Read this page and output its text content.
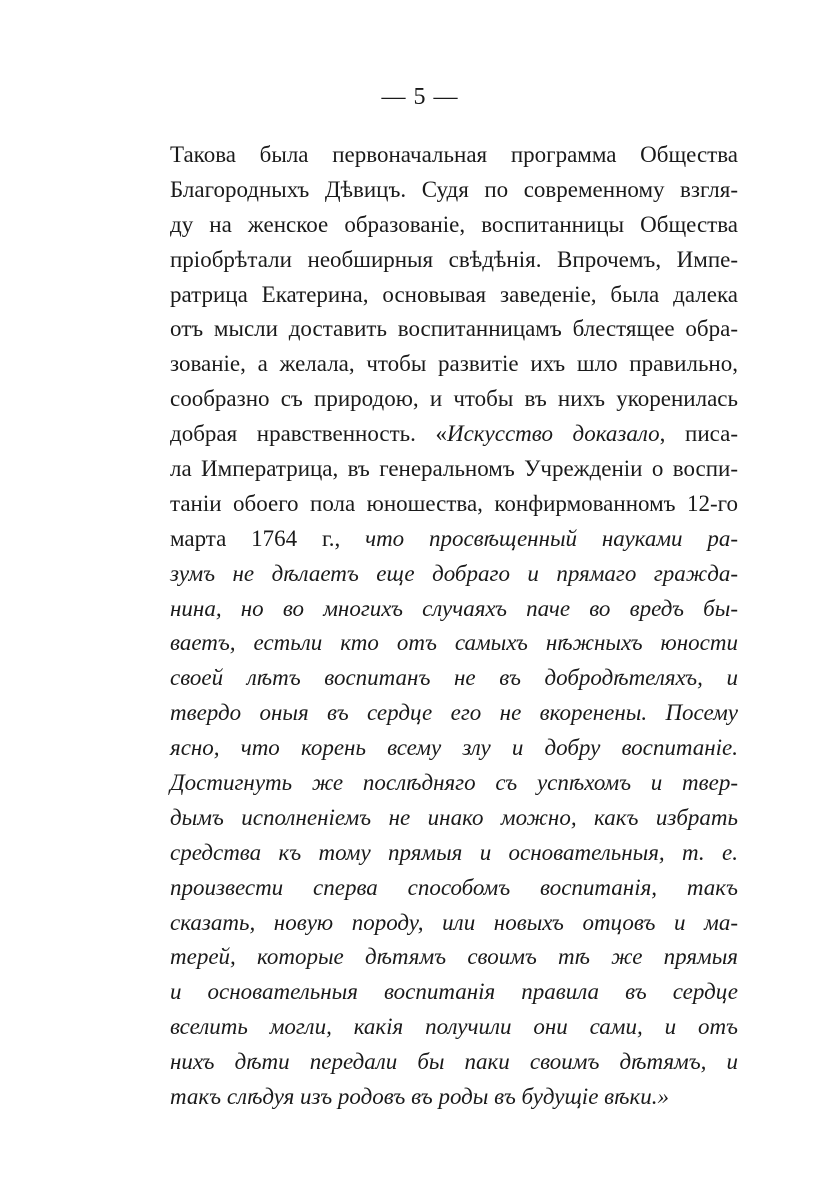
— 5 —
Такова была первоначальная программа Общества
Благородныхъ Дѣвицъ. Судя по современному взгля-
ду на женское образованіе, воспитанницы Общества
пріобрѣтали необширныя свѣдѣнія. Впрочемъ, Импе-
ратрица Екатерина, основывая заведеніе, была далека
отъ мысли доставить воспитанницамъ блестящее обра-
зованіе, а желала, чтобы развитіе ихъ шло правильно,
сообразно съ природою, и чтобы въ нихъ укоренилась
добрая нравственность. «Искусство доказало, писа-
ла Императрица, въ генеральномъ Учрежденіи о воспи-
таніи обоего пола юношества, конфирмованномъ 12-го
марта 1764 г., что просвѣщенный науками ра-
зумъ не дѣлаетъ еще добраго и прямаго гражда-
нина, но во многихъ случаяхъ паче во вредъ бы-
ваетъ, естьли кто отъ самыхъ нѣжныхъ юности
своей лѣтъ воспитанъ не въ добродѣтеляхъ, и
твердо оныя въ сердце его не вкоренены. Посему
ясно, что корень всему злу и добру воспитаніе.
Достигнуть же послѣдняго съ успѣхомъ и твер-
дымъ исполненіемъ не инако можно, какъ избрать
средства къ тому прямыя и основательныя, т. е.
произвести сперва способомъ воспитанія, такъ
сказать, новую породу, или новыхъ отцовъ и ма-
терей, которые дѣтямъ своимъ тѣ же прямыя
и основательныя воспитанія правила въ сердце
вселить могли, какія получили они сами, и отъ
нихъ дѣти передали бы паки своимъ дѣтямъ, и
такъ слѣдуя изъ родовъ въ роды въ будущіе вѣки.»
